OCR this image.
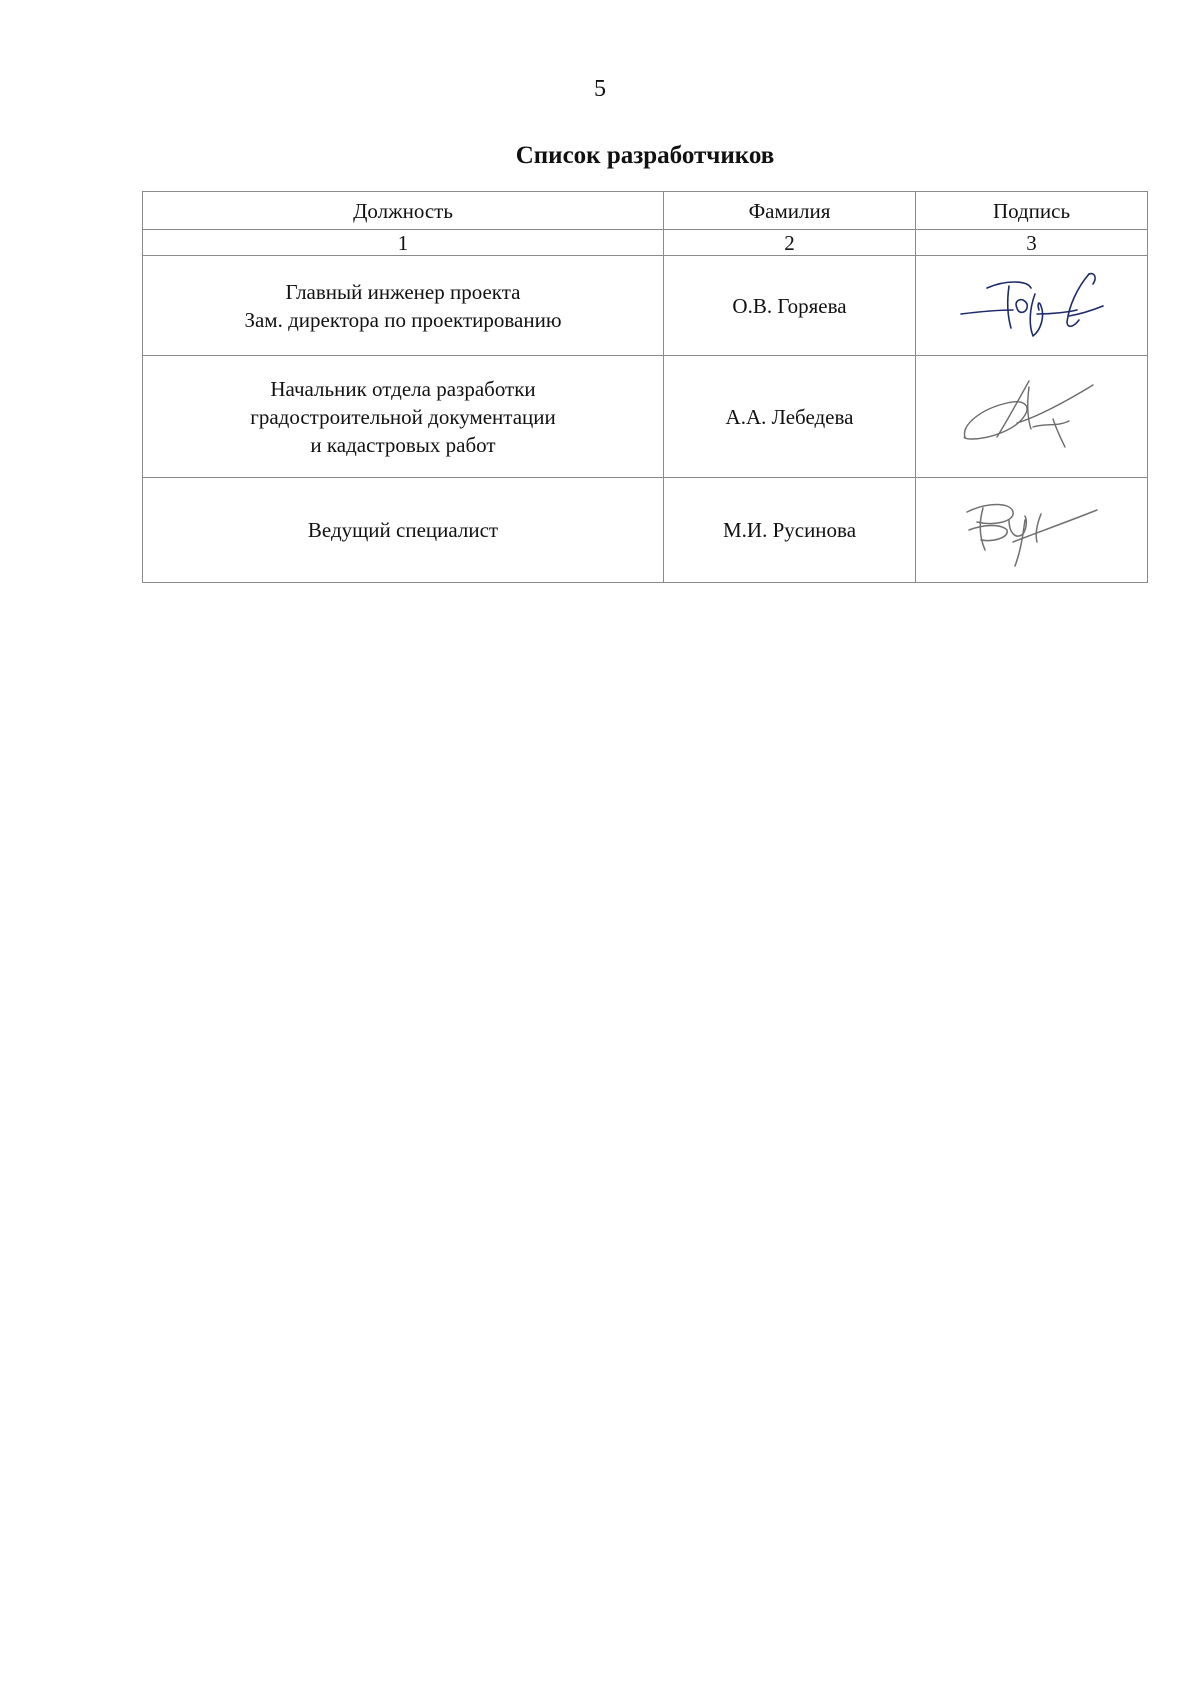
5
Список разработчиков
Должность	Фамилия	Подпись
1	2	3

Главный инженер проекта
Зам. директора по проектированию	О.В. Горяева	

Начальник отдела разработки
градостроительной документации
и кадастровых работ	А.А. Лебедева	

Ведущий специалист	М.И. Русинова	
